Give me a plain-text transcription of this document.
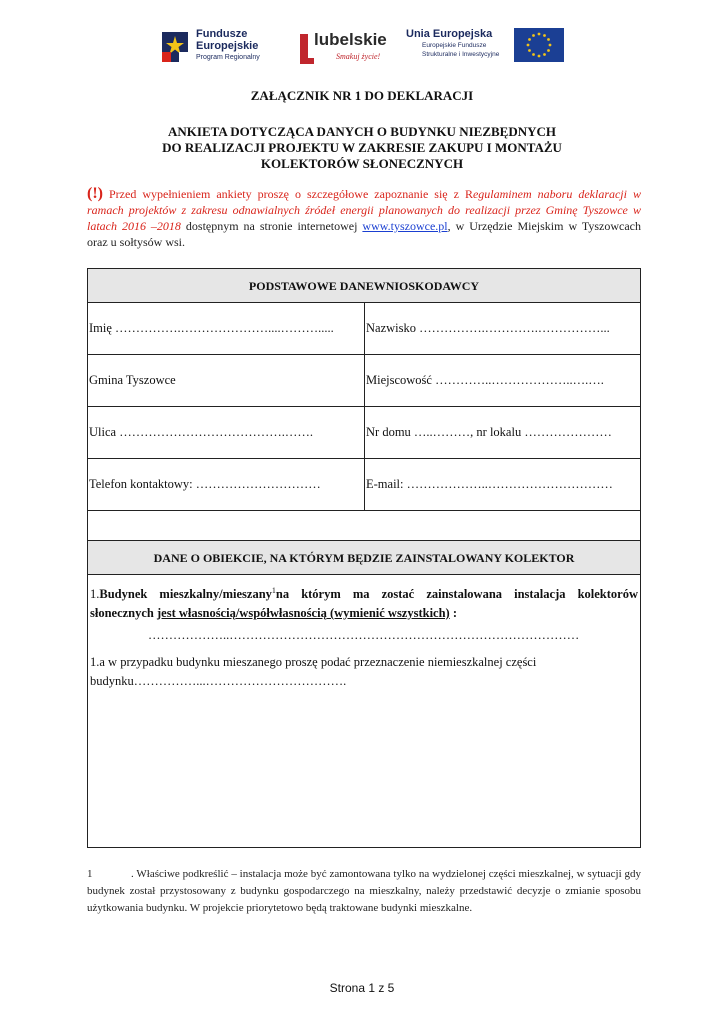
Fundusze
Europejskie
Program Regionalny
lubelskie
Smakuj życie!
Unia Europejska
Europejskie Fundusze
Strukturalne i Inwestycyjne
ZAŁĄCZNIK NR 1 DO DEKLARACJI
ANKIETA DOTYCZĄCA DANYCH O BUDYNKU NIEZBĘDNYCH
DO REALIZACJI PROJEKTU W ZAKRESIE ZAKUPU I MONTAŻU
KOLEKTORÓW SŁONECZNYCH
(!) Przed wypełnieniem ankiety proszę o szczegółowe zapoznanie się z Regulaminem naboru deklaracji w ramach projektów z zakresu odnawialnych źródeł energii planowanych do realizacji przez Gminę Tyszowce w latach 2016 –2018 dostępnym na stronie internetowej www.tyszowce.pl, w Urzędzie Miejskim w Tyszowcach oraz u sołtysów wsi.
PODSTAWOWE DANEWNIOSKODAWCY
Imię …………….…………………....……….....	Nazwisko …………….………….……………...
Gmina Tyszowce	Miejscowość …………..………………..….….
Ulica ………………………………….…….	Nr domu …..………, nr lokalu …………………
Telefon kontaktowy: …………………………	E-mail: ………………..…………………………
DANE O OBIEKCIE, NA KTÓRYM BĘDZIE ZAINSTALOWANY KOLEKTOR
1.Budynek mieszkalny/mieszany$^1$na którym ma zostać zainstalowana instalacja kolektorów słonecznych jest własnością/współwłasnością (wymienić wszystkich) :
………………..…………………………………………………………………………
1.a w przypadku budynku mieszanego proszę podać przeznaczenie niemieszkalnej części
budynku……………...…………………………….
1	. Właściwe podkreślić – instalacja może być zamontowana tylko na wydzielonej części mieszkalnej, w sytuacji gdy budynek został przystosowany z budynku gospodarczego na mieszkalny, należy przedstawić decyzje o zmianie sposobu użytkowania budynku. W projekcie priorytetowo będą traktowane budynki mieszkalne.
Strona 1 z 5
